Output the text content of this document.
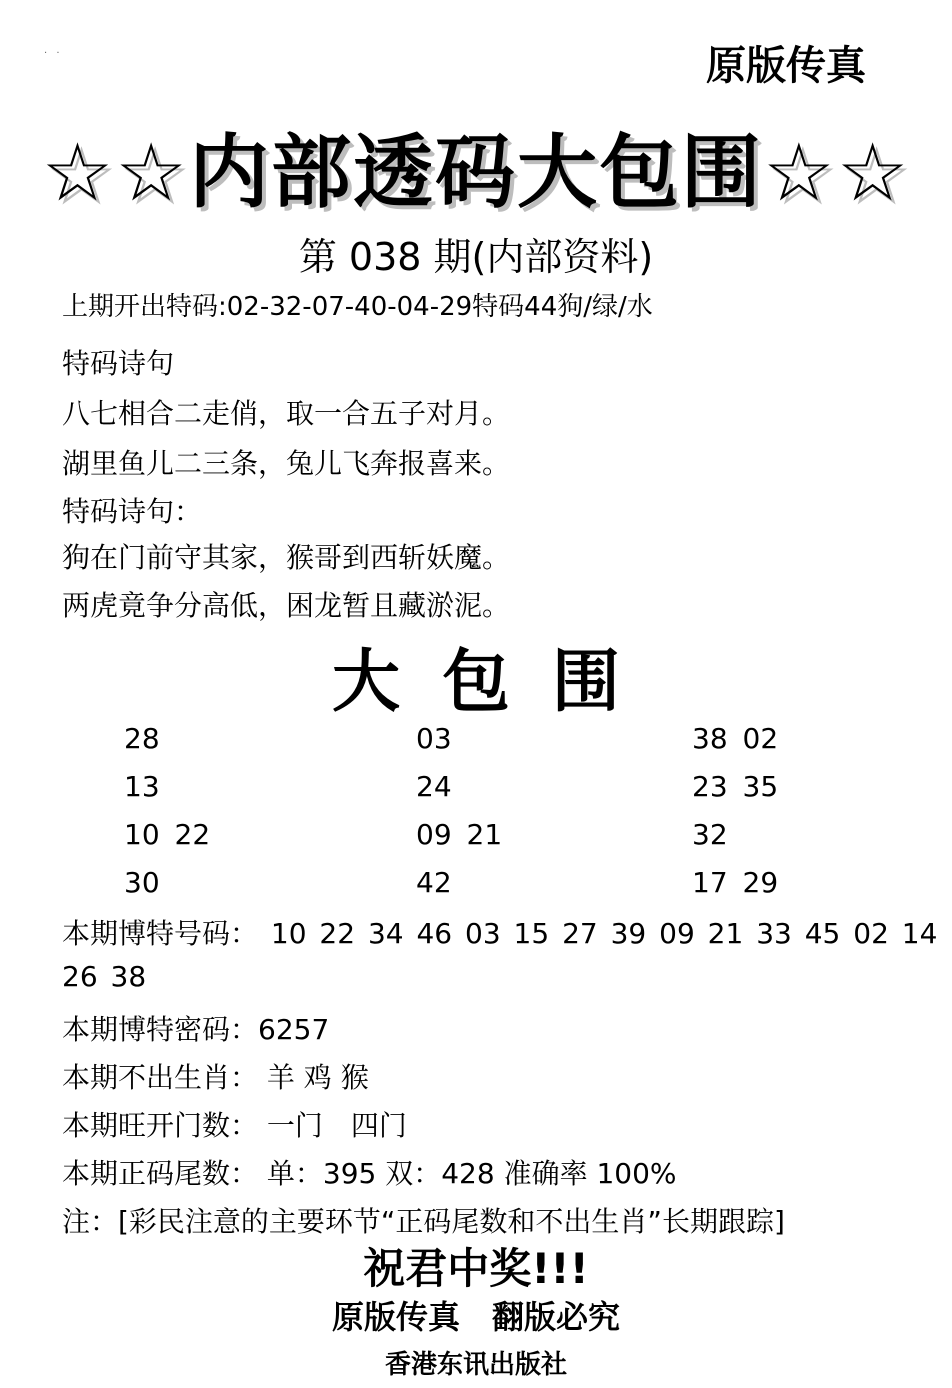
· ·	原版传真
☆☆内部透码大包围☆☆
第 038 期(内部资料)
上期开出特码:02-32-07-40-04-29特码44狗/绿/水
特码诗句
八七相合二走俏，取一合五子对月。
湖里鱼儿二三条，兔儿飞奔报喜来。
特码诗句：
狗在门前守其家，猴哥到西斩妖魔。
两虎竟争分高低，困龙暂且藏淤泥。
大包围
28	03	38 02
13	24	23 35
10 22	09 21	32
30	42	17 29
本期博特号码： 10 22 34 46 03 15 27 39 09 21 33 45 02 14
26 38
本期博特密码：6257
本期不出生肖： 羊 鸡 猴
本期旺开门数： 一门　四门
本期正码尾数： 单：395 双：428 准确率 100%
注：[彩民注意的主要环节“正码尾数和不出生肖”长期跟踪]
祝君中奖!!!
原版传真　翻版必究
香港东讯出版社
